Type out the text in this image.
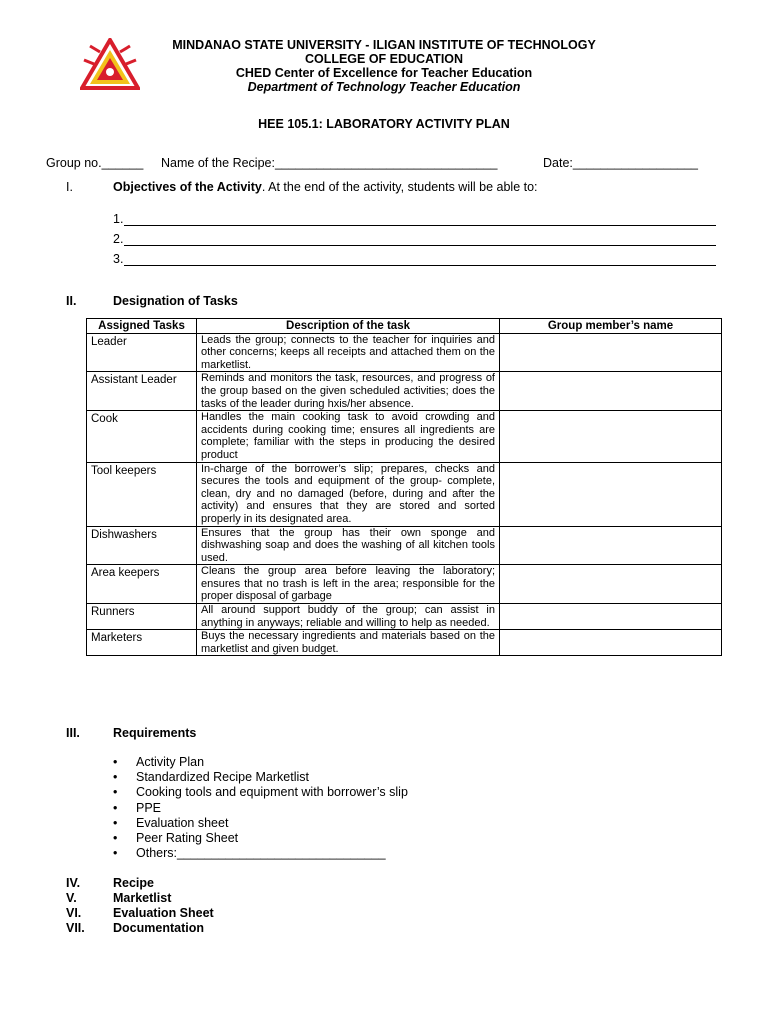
MINDANAO STATE UNIVERSITY - ILIGAN INSTITUTE OF TECHNOLOGY
COLLEGE OF EDUCATION
CHED Center of Excellence for Teacher Education
Department of Technology Teacher Education
HEE 105.1: LABORATORY ACTIVITY PLAN
Group no.______ Name of the Recipe:________________________________	Date:__________________
I.	Objectives of the Activity. At the end of the activity, students will be able to:
1.
2.
3.
II.	Designation of Tasks
Assigned Tasks	Description of the task	Group member’s name
Leader	Leads the group; connects to the teacher for inquiries and other concerns; keeps all receipts and attached them on the marketlist.	
Assistant Leader	Reminds and monitors the task, resources, and progress of the group based on the given scheduled activities; does the tasks of the leader during hxis/her absence.	
Cook	Handles the main cooking task to avoid crowding and accidents during cooking time; ensures all ingredients are complete; familiar with the steps in producing the desired product	
Tool keepers	In-charge of the borrower’s slip; prepares, checks and secures the tools and equipment of the group- complete, clean, dry and no damaged (before, during and after the activity) and ensures that they are stored and sorted properly in its designated area.	
Dishwashers	Ensures that the group has their own sponge and dishwashing soap and does the washing of all kitchen tools used.	
Area keepers	Cleans the group area before leaving the laboratory; ensures that no trash is left in the area; responsible for the proper disposal of garbage	
Runners	All around support buddy of the group; can assist in anything in anyways; reliable and willing to help as needed.	
Marketers	Buys the necessary ingredients and materials based on the marketlist and given budget.	
III.	Requirements
• Activity Plan
• Standardized Recipe Marketlist
• Cooking tools and equipment with borrower’s slip
• PPE
• Evaluation sheet
• Peer Rating Sheet
• Others:______________________________
IV.	Recipe
V.	Marketlist
VI.	Evaluation Sheet
VII. Documentation
